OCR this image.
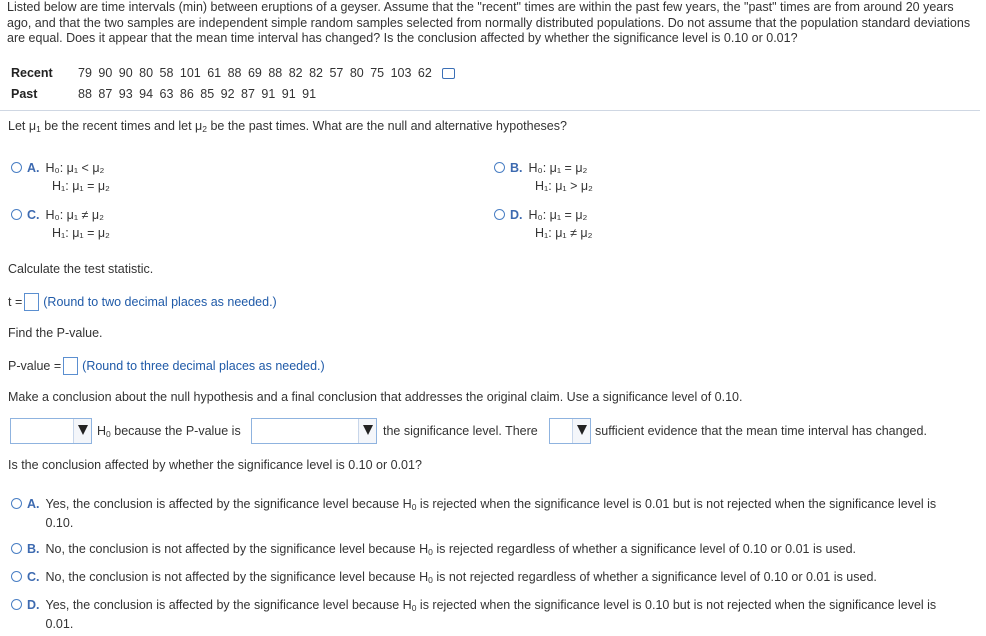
Listed below are time intervals (min) between eruptions of a geyser. Assume that the "recent" times are within the past few years, the "past" times are from around 20 years ago, and that the two samples are independent simple random samples selected from normally distributed populations. Do not assume that the population standard deviations are equal. Does it appear that the mean time interval has changed? Is the conclusion affected by whether the significance level is 0.10 or 0.01?
Recent	79 90 90 80 58 101 61 88 69 88 82 82 57 80 75 103 62
Past	88 87 93 94 63 86 85 92 87 91 91 91
Let $\mu_1$ be the recent times and let $\mu_2$ be the past times. What are the null and alternative hypotheses?
A. H₀: μ₁ < μ₂
H₁: μ₁ = μ₂
B. H₀: μ₁ = μ₂
H₁: μ₁ > μ₂
C. H₀: μ₁ ≠ μ₂
H₁: μ₁ = μ₂
D. H₀: μ₁ = μ₂
H₁: μ₁ ≠ μ₂
Calculate the test statistic.
t = (Round to two decimal places as needed.)
Find the P-value.
P-value = (Round to three decimal places as needed.)
Make a conclusion about the null hypothesis and a final conclusion that addresses the original claim. Use a significance level of 0.10.
$H_0$ because the P-value is	the significance level. There	sufficient evidence that the mean time interval has changed.
Is the conclusion affected by whether the significance level is 0.10 or 0.01?
A. Yes, the conclusion is affected by the significance level because $H_0$ is rejected when the significance level is 0.01 but is not rejected when the significance level is 0.10.
B. No, the conclusion is not affected by the significance level because $H_0$ is rejected regardless of whether a significance level of 0.10 or 0.01 is used.
C. No, the conclusion is not affected by the significance level because $H_0$ is not rejected regardless of whether a significance level of 0.10 or 0.01 is used.
D. Yes, the conclusion is affected by the significance level because $H_0$ is rejected when the significance level is 0.10 but is not rejected when the significance level is 0.01.
